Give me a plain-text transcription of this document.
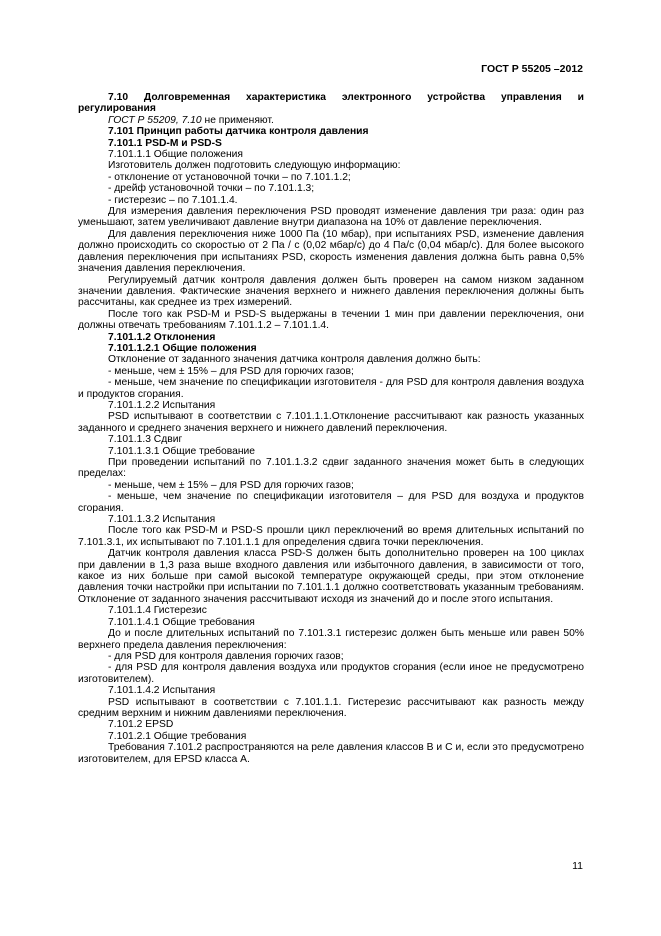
ГОСТ Р 55205 –2012

7.10 Долговременная характеристика электронного устройства управления и регулирования

ГОСТ Р 55209, 7.10 не применяют.

7.101 Принцип работы датчика контроля давления

7.101.1 PSD-M и PSD-S

7.101.1.1 Общие положения

Изготовитель должен подготовить следующую информацию:

- отклонение от установочной точки – по 7.101.1.2;

- дрейф установочной точки – по 7.101.1.3;

- гистерезис – по 7.101.1.4.

Для измерения давления переключения PSD проводят изменение давления три раза: один раз уменьшают, затем увеличивают давление внутри диапазона на 10% от давление переключения.

Для давления переключения ниже 1000 Па (10 мбар), при испытаниях PSD, изменение давления должно происходить со скоростью от 2 Па / с (0,02 мбар/с) до 4 Па/с (0,04 мбар/с). Для более высокого давления переключения при испытаниях PSD, скорость изменения давления должна быть равна 0,5% значения давления переключения.

Регулируемый датчик контроля давления должен быть проверен на самом низком заданном значении давления. Фактические значения верхнего и нижнего давления переключения должны быть рассчитаны, как среднее из трех измерений.

После того как PSD-M и PSD-S выдержаны в течении 1 мин при давлении переключения, они должны отвечать требованиям 7.101.1.2 – 7.101.1.4.

7.101.1.2 Отклонения

7.101.1.2.1 Общие положения

Отклонение от заданного значения датчика контроля давления должно быть:

- меньше, чем ± 15% – для PSD для горючих газов;

- меньше, чем значение по спецификации изготовителя - для PSD для контроля давления воздуха и продуктов сгорания.

7.101.1.2.2 Испытания

PSD испытывают в соответствии с 7.101.1.1.Отклонение рассчитывают как разность указанных заданного и среднего значения верхнего и нижнего давлений переключения.

7.101.1.3 Сдвиг

7.101.1.3.1 Общие требование

При проведении испытаний по 7.101.1.3.2 сдвиг заданного значения может быть в следующих пределах:

- меньше, чем ± 15% – для PSD для горючих газов;

- меньше, чем значение по спецификации изготовителя – для PSD для воздуха и продуктов сгорания.

7.101.1.3.2 Испытания

После того как PSD-M и PSD-S прошли цикл переключений во время длительных испытаний по 7.101.3.1, их испытывают по 7.101.1.1 для определения сдвига точки переключения.

Датчик контроля давления класса PSD-S должен быть дополнительно проверен на 100 циклах при давлении в 1,3 раза выше входного давления или избыточного давления, в зависимости от того, какое из них больше при самой высокой температуре окружающей среды, при этом отклонение давления точки настройки при испытании по 7.101.1.1 должно соответствовать указанным требованиям. Отклонение от заданного значения рассчитывают исходя из значений до и после этого испытания.

7.101.1.4 Гистерезис

7.101.1.4.1 Общие требования

До и после длительных испытаний по 7.101.3.1 гистерезис должен быть меньше или равен 50% верхнего предела давления переключения:

- для PSD для контроля давления горючих газов;

- для PSD для контроля давления воздуха или продуктов сгорания (если иное не предусмотрено изготовителем).

7.101.1.4.2 Испытания

PSD испытывают в соответствии с 7.101.1.1. Гистерезис рассчитывают как разность между средним верхним и нижним давлениями переключения.

7.101.2 EPSD

7.101.2.1 Общие требования

Требования 7.101.2 распространяются на реле давления классов B и C и, если это предусмотрено изготовителем, для EPSD класса A.

11
